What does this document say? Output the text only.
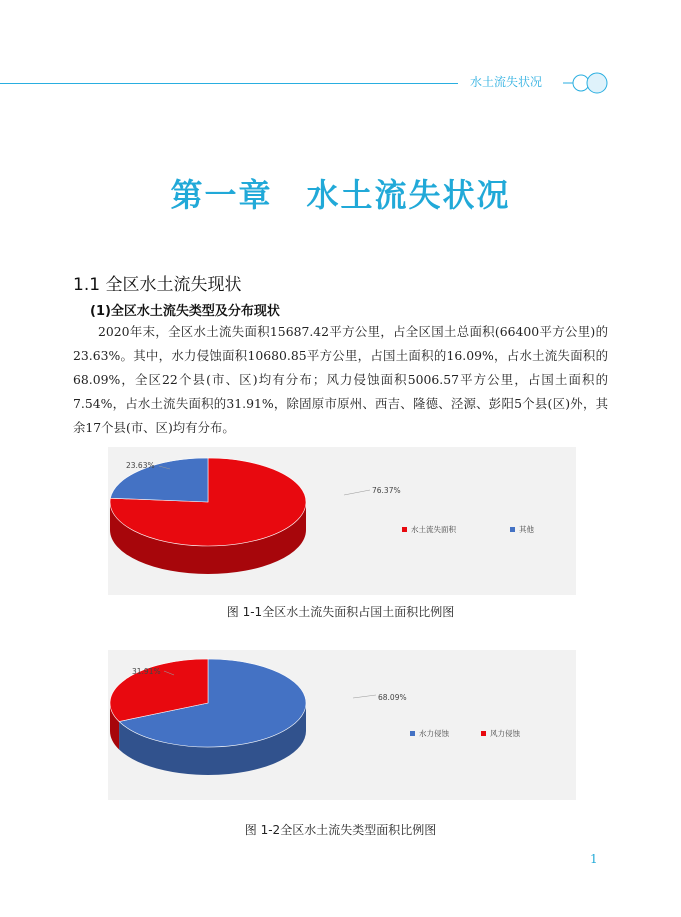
水土流失状况
第一章　水土流失状况
1.1 全区水土流失现状
(1)全区水土流失类型及分布现状
2020年末，全区水土流失面积15687.42平方公里，占全区国土总面积(66400平方公里)的23.63%。其中，水力侵蚀面积10680.85平方公里，占国土面积的16.09%，占水土流失面积的68.09%，全区22个县(市、区)均有分布；风力侵蚀面积5006.57平方公里，占国土面积的7.54%，占水土流失面积的31.91%，除固原市原州、西吉、隆德、泾源、彭阳5个县(区)外，其余17个县(市、区)均有分布。
76.37%
23.63%
水土流失面积	其他
图 1-1全区水土流失面积占国土面积比例图
68.09%
31.91%
水力侵蚀	风力侵蚀
图 1-2全区水土流失类型面积比例图
1
